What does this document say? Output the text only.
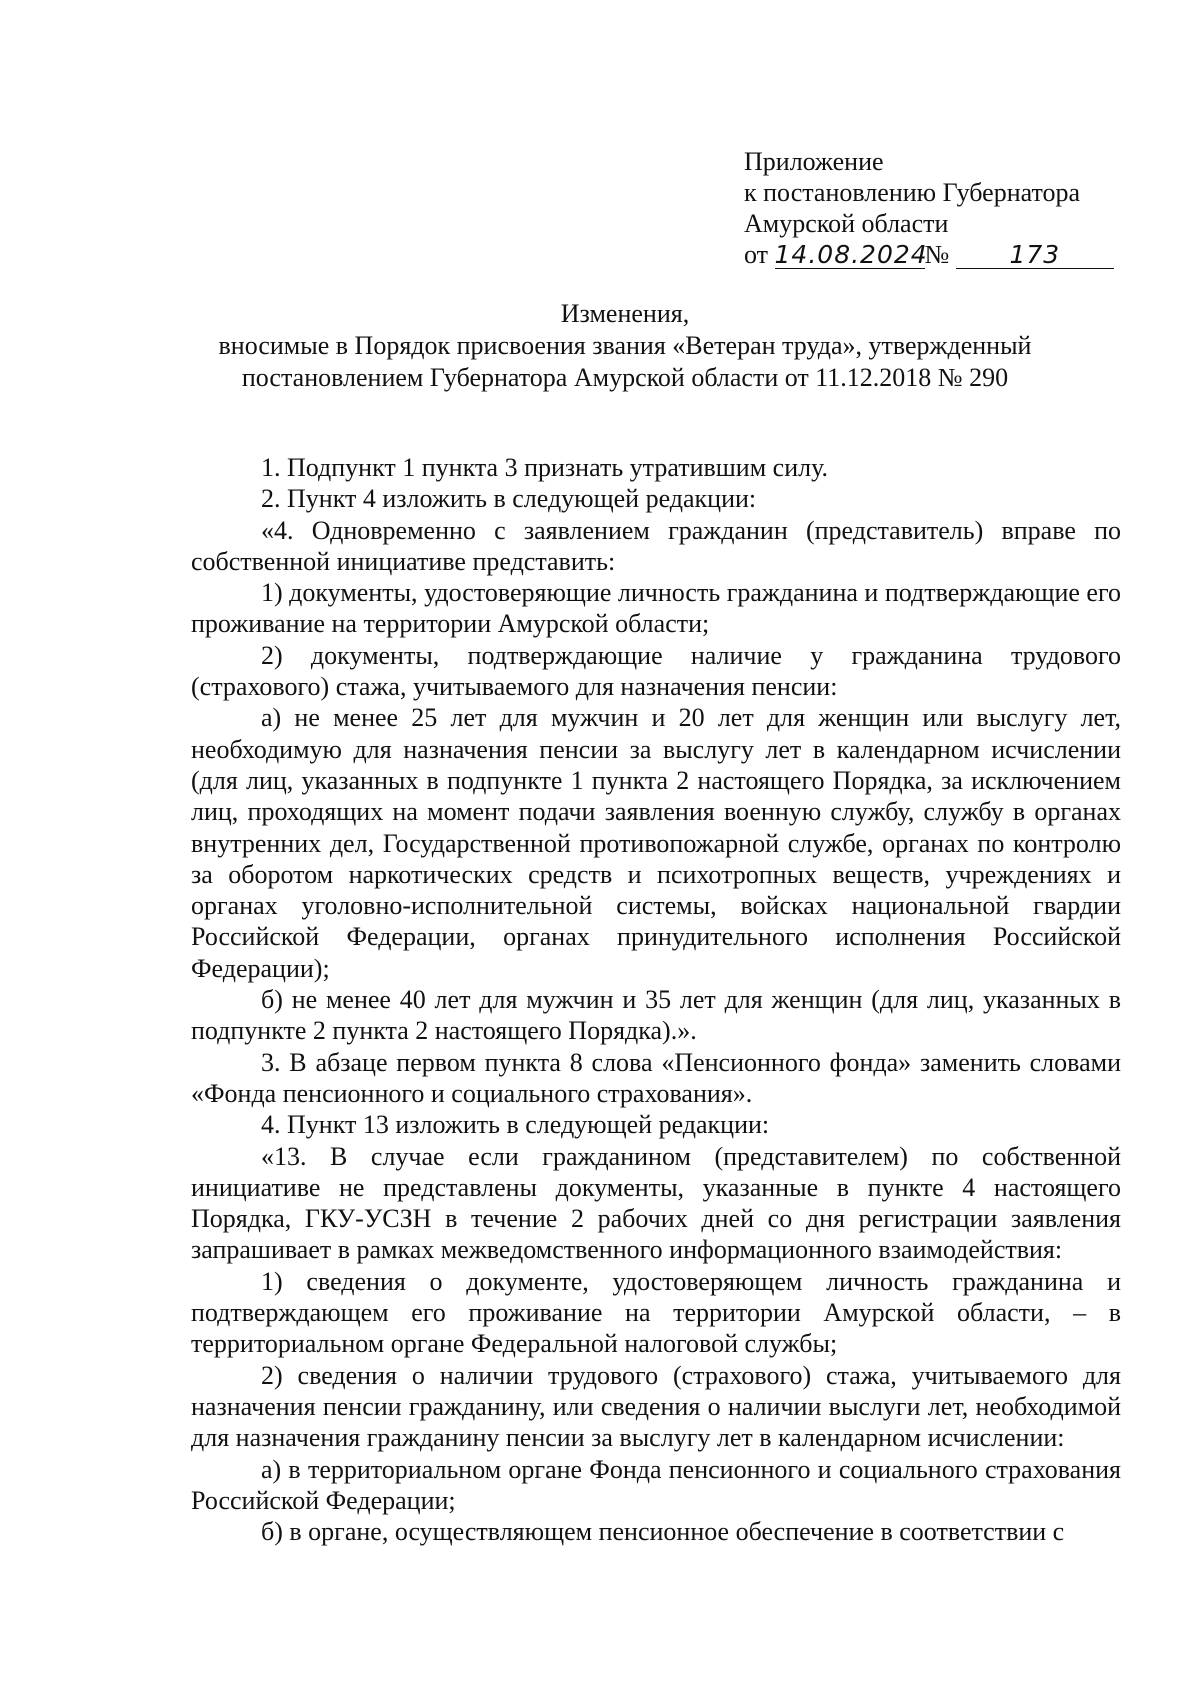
Приложение
к постановлению Губернатора
Амурской области
от 14.08.2024№ 173
Изменения,
вносимые в Порядок присвоения звания «Ветеран труда», утвержденный
постановлением Губернатора Амурской области от 11.12.2018 № 290

1. Подпункт 1 пункта 3 признать утратившим силу.

2. Пункт 4 изложить в следующей редакции:

«4. Одновременно с заявлением гражданин (представитель) вправе по собственной инициативе представить:

1) документы, удостоверяющие личность гражданина и подтверждающие его проживание на территории Амурской области;

2) документы, подтверждающие наличие у гражданина трудового (страхового) стажа, учитываемого для назначения пенсии:

а) не менее 25 лет для мужчин и 20 лет для женщин или выслугу лет, необходимую для назначения пенсии за выслугу лет в календарном исчислении (для лиц, указанных в подпункте 1 пункта 2 настоящего Порядка, за исключением лиц, проходящих на момент подачи заявления военную службу, службу в органах внутренних дел, Государственной противопожарной службе, органах по контролю за оборотом наркотических средств и психотропных веществ, учреждениях и органах уголовно-исполнительной системы, войсках национальной гвардии Российской Федерации, органах принудительного исполнения Российской Федерации);

б) не менее 40 лет для мужчин и 35 лет для женщин (для лиц, указанных в подпункте 2 пункта 2 настоящего Порядка).».

3. В абзаце первом пункта 8 слова «Пенсионного фонда» заменить словами «Фонда пенсионного и социального страхования».

4. Пункт 13 изложить в следующей редакции:

«13. В случае если гражданином (представителем) по собственной инициативе не представлены документы, указанные в пункте 4 настоящего Порядка, ГКУ-УСЗН в течение 2 рабочих дней со дня регистрации заявления запрашивает в рамках межведомственного информационного взаимодействия:

1) сведения о документе, удостоверяющем личность гражданина и подтверждающем его проживание на территории Амурской области, – в территориальном органе Федеральной налоговой службы;

2) сведения о наличии трудового (страхового) стажа, учитываемого для назначения пенсии гражданину, или сведения о наличии выслуги лет, необходимой для назначения гражданину пенсии за выслугу лет в календарном исчислении:

а) в территориальном органе Фонда пенсионного и социального страхования Российской Федерации;

б) в органе, осуществляющем пенсионное обеспечение в соответствии с
